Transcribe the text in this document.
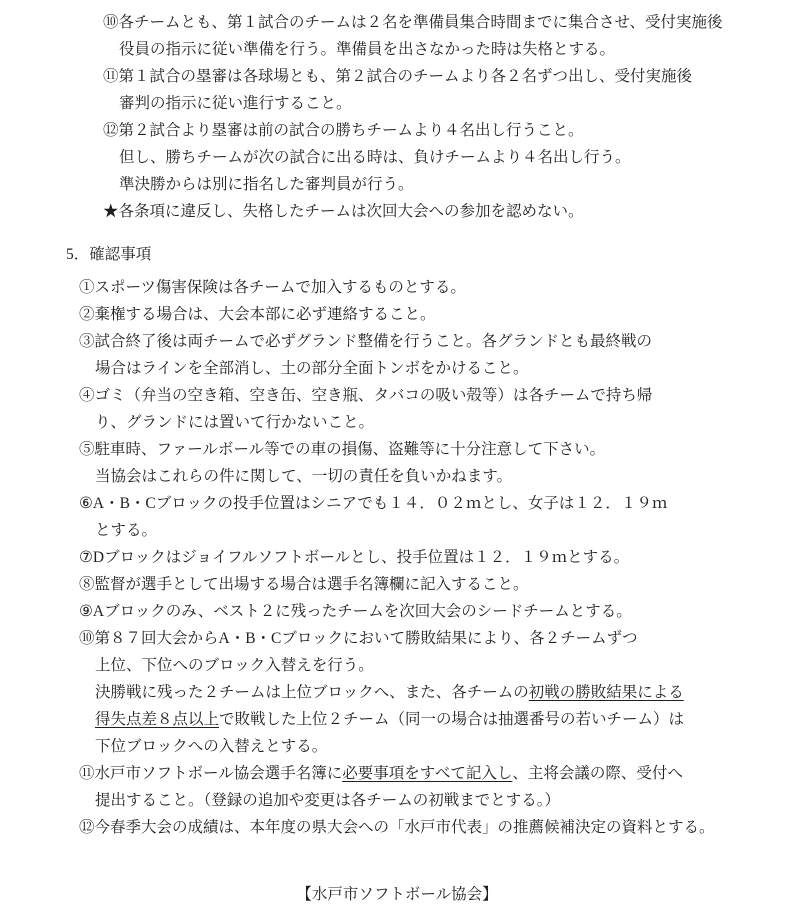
⑩各チームとも、第１試合のチームは２名を準備員集合時間までに集合させ、受付実施後
役員の指示に従い準備を行う。準備員を出さなかった時は失格とする。
⑪第１試合の塁審は各球場とも、第２試合のチームより各２名ずつ出し、受付実施後
審判の指示に従い進行すること。
⑫第２試合より塁審は前の試合の勝ちチームより４名出し行うこと。
但し、勝ちチームが次の試合に出る時は、負けチームより４名出し行う。
準決勝からは別に指名した審判員が行う。
★各条項に違反し、失格したチームは次回大会への参加を認めない。
5．確認事項
①スポーツ傷害保険は各チームで加入するものとする。
②棄権する場合は、大会本部に必ず連絡すること。
③試合終了後は両チームで必ずグランド整備を行うこと。各グランドとも最終戦の
場合はラインを全部消し、土の部分全面トンボをかけること。
④ゴミ（弁当の空き箱、空き缶、空き瓶、タバコの吸い殻等）は各チームで持ち帰
り、グランドには置いて行かないこと。
⑤駐車時、ファールボール等での車の損傷、盗難等に十分注意して下さい。
当協会はこれらの件に関して、一切の責任を負いかねます。
⑥A・B・Cブロックの投手位置はシニアでも１４．０２ｍとし、女子は１２．１９ｍ
とする。
⑦Dブロックはジョイフルソフトボールとし、投手位置は１２．１９ｍとする。
⑧監督が選手として出場する場合は選手名簿欄に記入すること。
⑨Aブロックのみ、ベスト２に残ったチームを次回大会のシードチームとする。
⑩第８７回大会からA・B・Cブロックにおいて勝敗結果により、各２チームずつ
上位、下位へのブロック入替えを行う。
決勝戦に残った２チームは上位ブロックへ、また、各チームの初戦の勝敗結果による
得失点差８点以上で敗戦した上位２チーム（同一の場合は抽選番号の若いチーム）は
下位ブロックへの入替えとする。
⑪水戸市ソフトボール協会選手名簿に必要事項をすべて記入し、主将会議の際、受付へ
提出すること。（登録の追加や変更は各チームの初戦までとする。）
⑫今春季大会の成績は、本年度の県大会への「水戸市代表」の推薦候補決定の資料とする。
【水戸市ソフトボール協会】
